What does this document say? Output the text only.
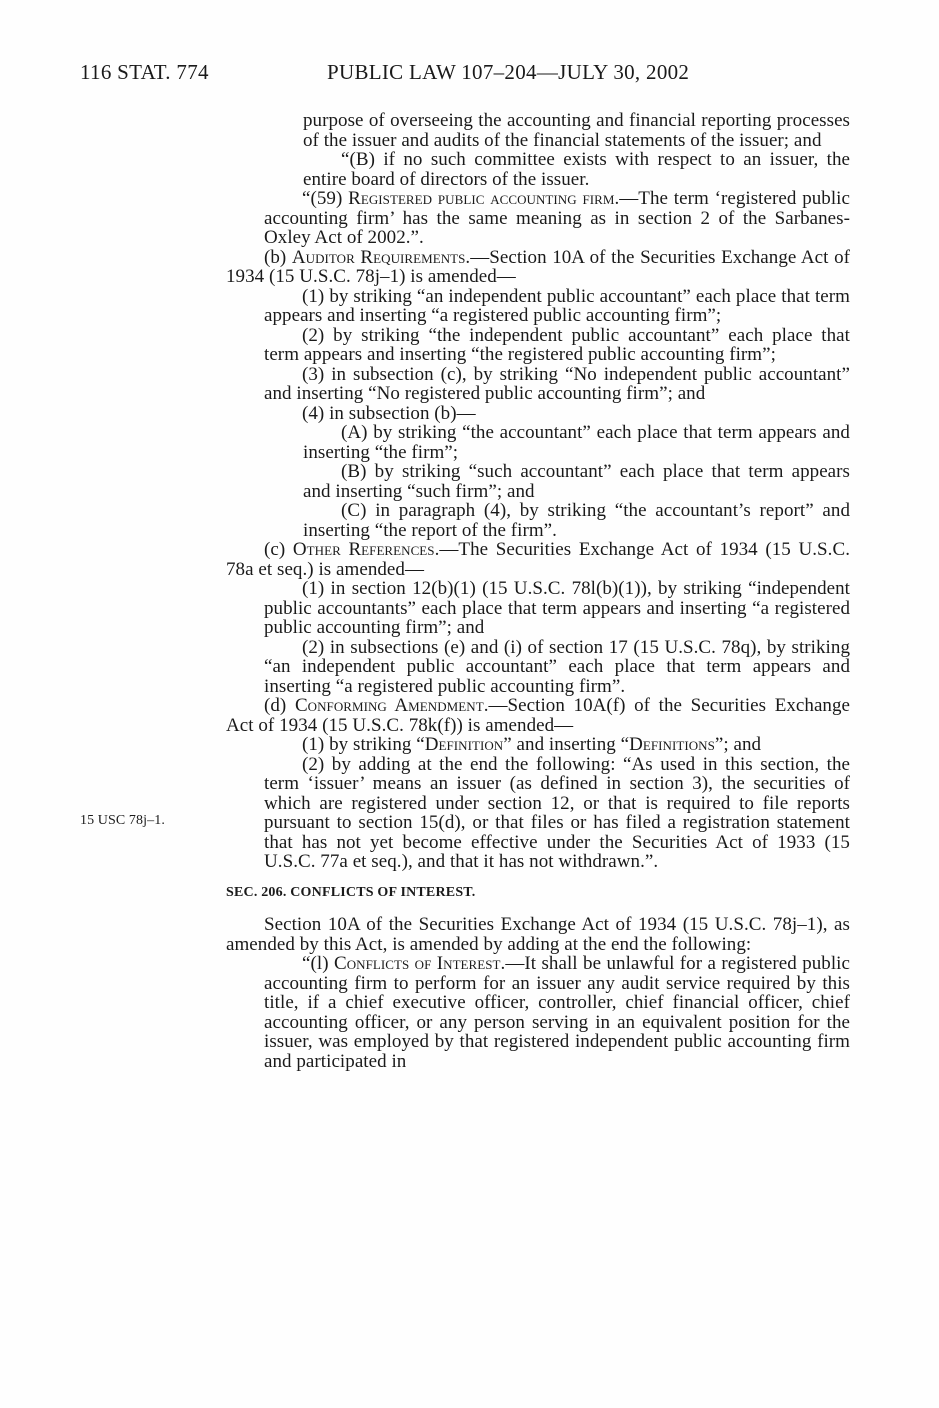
116 STAT. 774	PUBLIC LAW 107–204—JULY 30, 2002
15 USC 78j–1.

purpose of overseeing the accounting and financial reporting processes of the issuer and audits of the financial statements of the issuer; and

“(B) if no such committee exists with respect to an issuer, the entire board of directors of the issuer.

“(59) Registered public accounting firm.—The term ‘registered public accounting firm’ has the same meaning as in section 2 of the Sarbanes-Oxley Act of 2002.”.

(b) Auditor Requirements.—Section 10A of the Securities Exchange Act of 1934 (15 U.S.C. 78j–1) is amended—

(1) by striking “an independent public accountant” each place that term appears and inserting “a registered public accounting firm”;

(2) by striking “the independent public accountant” each place that term appears and inserting “the registered public accounting firm”;

(3) in subsection (c), by striking “No independent public accountant” and inserting “No registered public accounting firm”; and

(4) in subsection (b)—

(A) by striking “the accountant” each place that term appears and inserting “the firm”;

(B) by striking “such accountant” each place that term appears and inserting “such firm”; and

(C) in paragraph (4), by striking “the accountant’s report” and inserting “the report of the firm”.

(c) Other References.—The Securities Exchange Act of 1934 (15 U.S.C. 78a et seq.) is amended—

(1) in section 12(b)(1) (15 U.S.C. 78l(b)(1)), by striking “independent public accountants” each place that term appears and inserting “a registered public accounting firm”; and

(2) in subsections (e) and (i) of section 17 (15 U.S.C. 78q), by striking “an independent public accountant” each place that term appears and inserting “a registered public accounting firm”.

(d) Conforming Amendment.—Section 10A(f) of the Securities Exchange Act of 1934 (15 U.S.C. 78k(f)) is amended—

(1) by striking “Definition” and inserting “Definitions”; and

(2) by adding at the end the following: “As used in this section, the term ‘issuer’ means an issuer (as defined in section 3), the securities of which are registered under section 12, or that is required to file reports pursuant to section 15(d), or that files or has filed a registration statement that has not yet become effective under the Securities Act of 1933 (15 U.S.C. 77a et seq.), and that it has not withdrawn.”.

SEC. 206. CONFLICTS OF INTEREST.

Section 10A of the Securities Exchange Act of 1934 (15 U.S.C. 78j–1), as amended by this Act, is amended by adding at the end the following:

“(l) Conflicts of Interest.—It shall be unlawful for a registered public accounting firm to perform for an issuer any audit service required by this title, if a chief executive officer, controller, chief financial officer, chief accounting officer, or any person serving in an equivalent position for the issuer, was employed by that registered independent public accounting firm and participated in
